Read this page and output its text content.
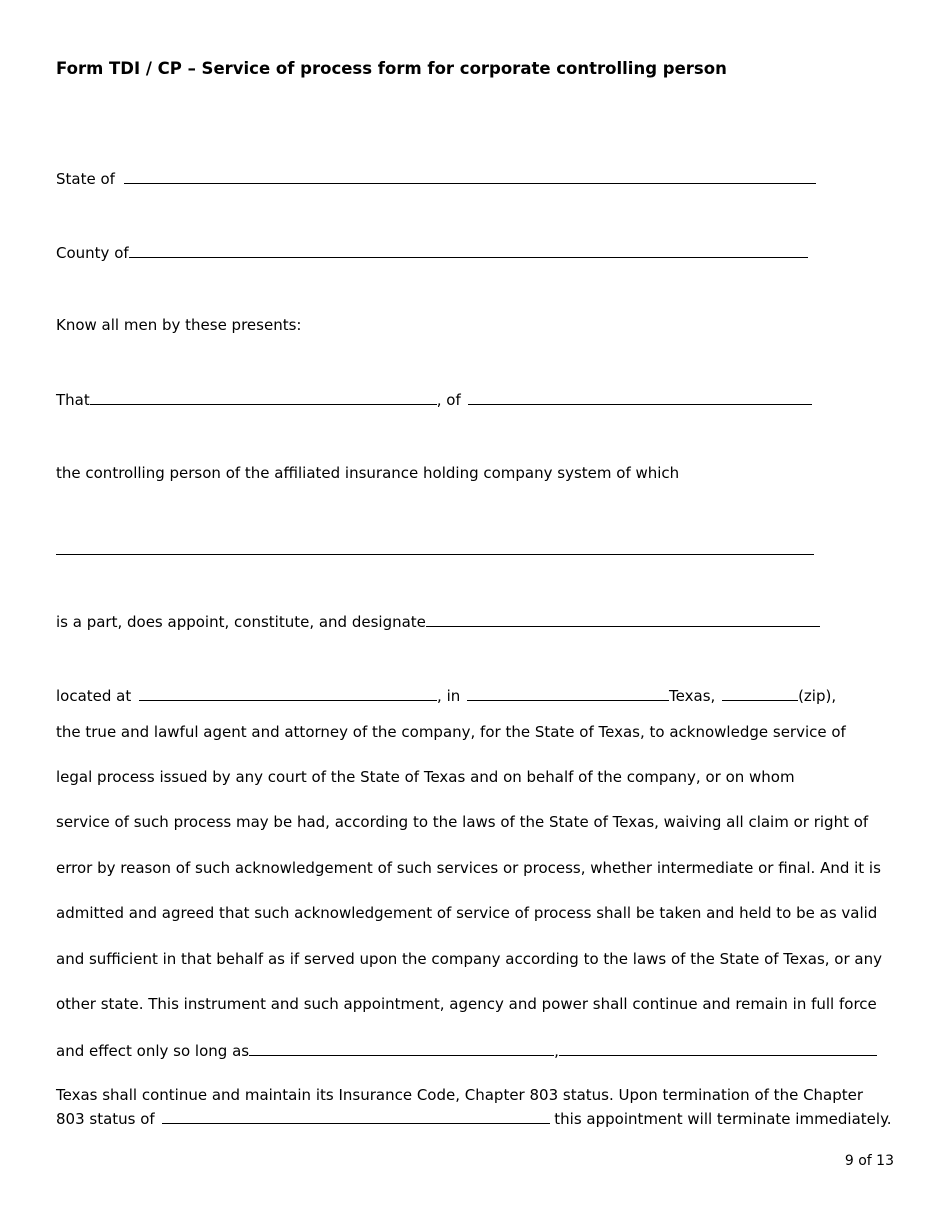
Form TDI / CP – Service of process form for corporate controlling person
State of
County of
Know all men by these presents:
That	, of
the controlling person of the affiliated insurance holding company system of which
is a part, does appoint, constitute, and designate
located at	, in	Texas,	(zip),
the true and lawful agent and attorney of the company, for the State of Texas, to acknowledge service of
legal process issued by any court of the State of Texas and on behalf of the company, or on whom
service of such process may be had, according to the laws of the State of Texas, waiving all claim or right of
error by reason of such acknowledgement of such services or process, whether intermediate or final. And it is
admitted and agreed that such acknowledgement of service of process shall be taken and held to be as valid
and sufficient in that behalf as if served upon the company according to the laws of the State of Texas, or any
other state. This instrument and such appointment, agency and power shall continue and remain in full force
and effect only so long as	,
Texas shall continue and maintain its Insurance Code, Chapter 803 status. Upon termination of the Chapter
803 status of	this appointment will terminate immediately.
9 of 13
